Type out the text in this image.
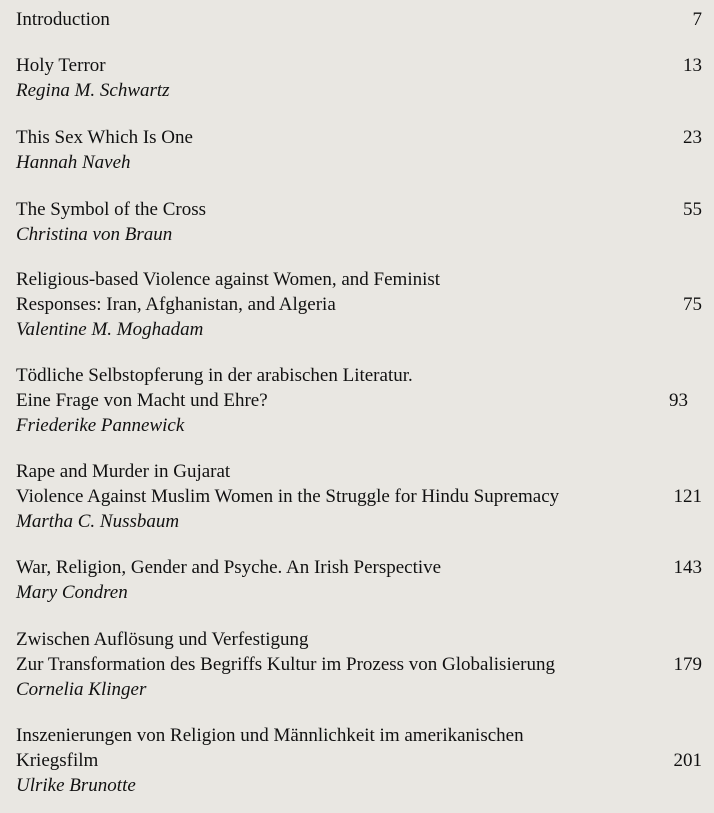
Introduction	7
Holy Terror
Regina M. Schwartz
13
This Sex Which Is One
Hannah Naveh
23
The Symbol of the Cross
Christina von Braun
55
Religious-based Violence against Women, and Feminist
Responses: Iran, Afghanistan, and Algeria
Valentine M. Moghadam
75
Tödliche Selbstopferung in der arabischen Literatur.
Eine Frage von Macht und Ehre?
Friederike Pannewick
93
Rape and Murder in Gujarat
Violence Against Muslim Women in the Struggle for Hindu Supremacy
Martha C. Nussbaum
121
War, Religion, Gender and Psyche. An Irish Perspective
Mary Condren
143
Zwischen Auflösung und Verfestigung
Zur Transformation des Begriffs Kultur im Prozess von Globalisierung
Cornelia Klinger
179
Inszenierungen von Religion und Männlichkeit im amerikanischen
Kriegsfilm
Ulrike Brunotte
201
